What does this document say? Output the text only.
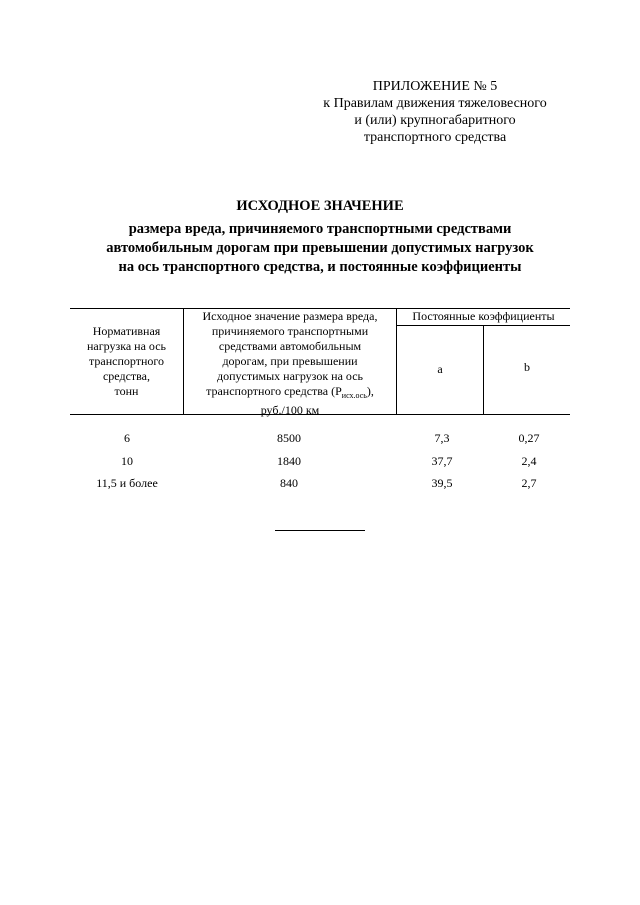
ПРИЛОЖЕНИЕ № 5
к Правилам движения тяжеловесного
и (или) крупногабаритного
транспортного средства
ИСХОДНОЕ ЗНАЧЕНИЕ
размера вреда, причиняемого транспортными средствами
автомобильным дорогам при превышении допустимых нагрузок
на ось транспортного средства, и постоянные коэффициенты
Нормативная
нагрузка на ось
транспортного
средства,
тонн
Исходное значение размера вреда,
причиняемого транспортными
средствами автомобильным
дорогам, при превышении
допустимых нагрузок на ось
транспортного средства $(Р_{исх.ось})$,
руб./100 км
Постоянные коэффициенты
a	b
6	8500	7,3	0,27
10	1840	37,7	2,4
11,5 и более	840	39,5	2,7
